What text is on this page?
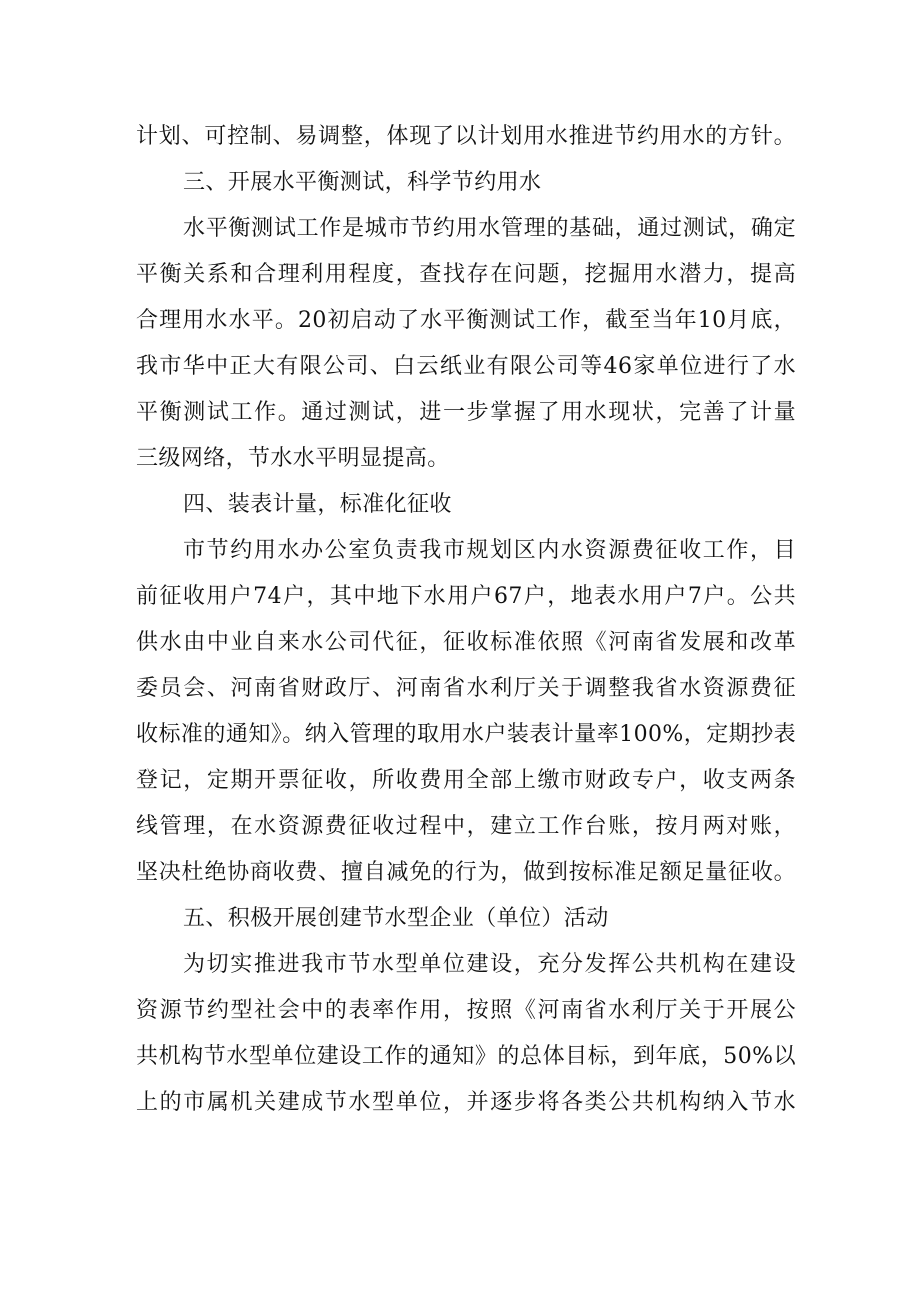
计划、可控制、易调整，体现了以计划用水推进节约用水的方针。
三、开展水平衡测试，科学节约用水
水平衡测试工作是城市节约用水管理的基础，通过测试，确定
平衡关系和合理利用程度，查找存在问题，挖掘用水潜力，提高
合理用水水平。20初启动了水平衡测试工作，截至当年10月底，
我市华中正大有限公司、白云纸业有限公司等46家单位进行了水
平衡测试工作。通过测试，进一步掌握了用水现状，完善了计量
三级网络，节水水平明显提高。
四、装表计量，标准化征收
市节约用水办公室负责我市规划区内水资源费征收工作，目
前征收用户74户，其中地下水用户67户，地表水用户7户。公共
供水由中业自来水公司代征，征收标准依照《河南省发展和改革
委员会、河南省财政厅、河南省水利厅关于调整我省水资源费征
收标准的通知》。纳入管理的取用水户装表计量率100%，定期抄表
登记，定期开票征收，所收费用全部上缴市财政专户，收支两条
线管理，在水资源费征收过程中，建立工作台账，按月两对账，
坚决杜绝协商收费、擅自减免的行为，做到按标准足额足量征收。
五、积极开展创建节水型企业（单位）活动
为切实推进我市节水型单位建设，充分发挥公共机构在建设
资源节约型社会中的表率作用，按照《河南省水利厅关于开展公
共机构节水型单位建设工作的通知》的总体目标，到年底，50%以
上的市属机关建成节水型单位，并逐步将各类公共机构纳入节水
